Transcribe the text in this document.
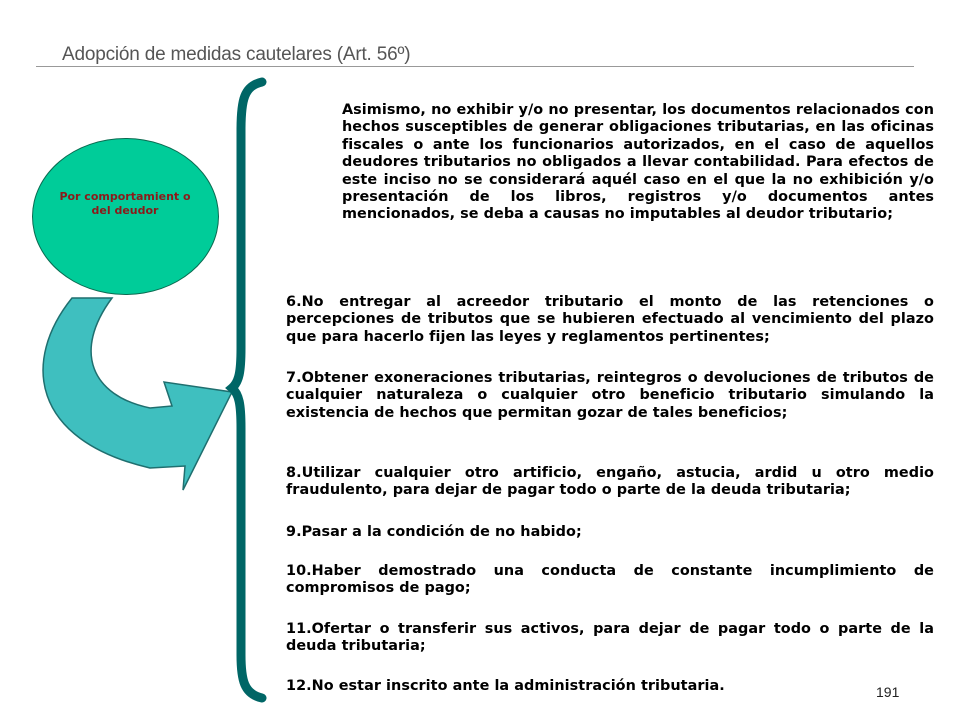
Adopción de medidas cautelares (Art. 56º)
Por comportamient o del deudor
Asimismo, no exhibir y/o no presentar, los documentos relacionados con hechos susceptibles de generar obligaciones tributarias, en las oficinas fiscales o ante los funcionarios autorizados, en el caso de aquellos deudores tributarios no obligados a llevar contabilidad. Para efectos de este inciso no se considerará aquél caso en el que la no exhibición y/o presentación de los libros, registros y/o documentos antes mencionados, se deba a causas no imputables al deudor tributario;
6.No entregar al acreedor tributario el monto de las retenciones o percepciones de tributos que se hubieren efectuado al vencimiento del plazo que para hacerlo fijen las leyes y reglamentos pertinentes;
7.Obtener exoneraciones tributarias, reintegros o devoluciones de tributos de cualquier naturaleza o cualquier otro beneficio tributario simulando la existencia de hechos que permitan gozar de tales beneficios;
8.Utilizar cualquier otro artificio, engaño, astucia, ardid u otro medio fraudulento, para dejar de pagar todo o parte de la deuda tributaria;
9.Pasar a la condición de no habido;
10.Haber demostrado una conducta de constante incumplimiento de compromisos de pago;
11.Ofertar o transferir sus activos, para dejar de pagar todo o parte de la deuda tributaria;
12.No estar inscrito ante la administración tributaria.	191
